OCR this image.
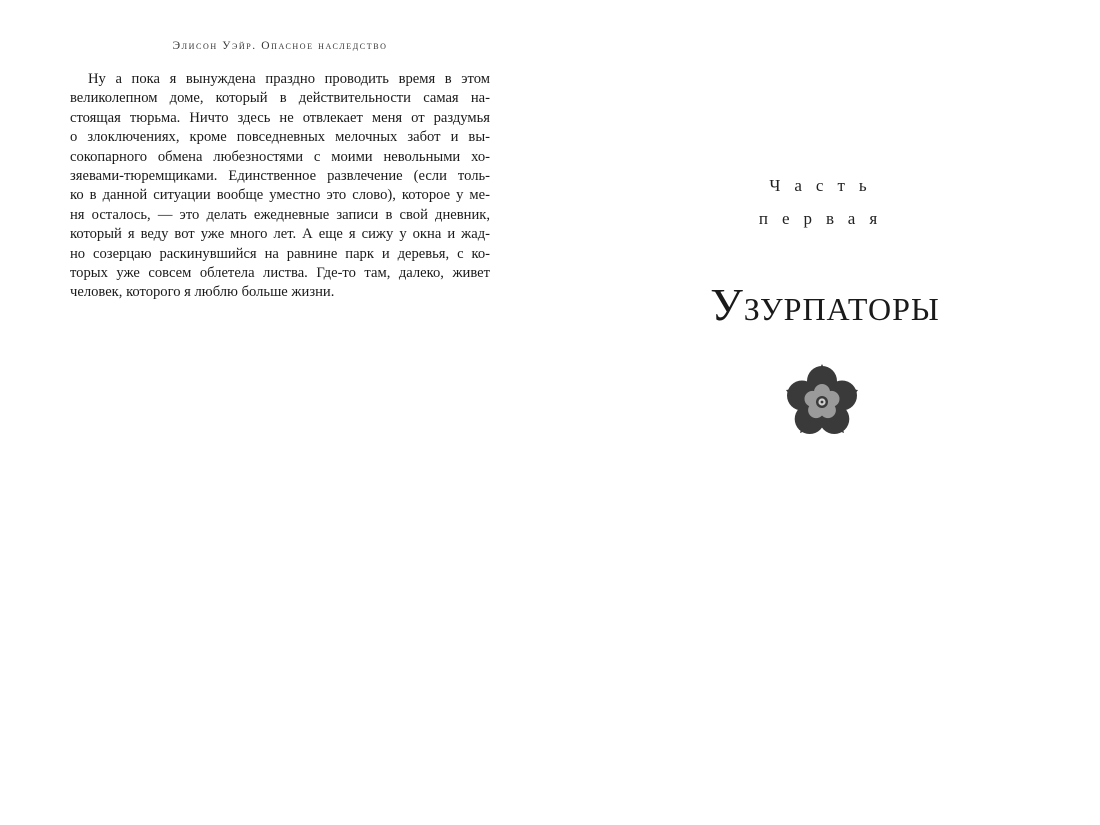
Элисон Уэйр. Опасное наследство
Ну а пока я вынуждена праздно проводить время в этом
великолепном доме, который в действительности самая на-
стоящая тюрьма. Ничто здесь не отвлекает меня от раздумья
о злоключениях, кроме повседневных мелочных забот и вы-
сокопарного обмена любезностями с моими невольными хо-
зяевами-тюремщиками. Единственное развлечение (если толь-
ко в данной ситуации вообще уместно это слово), которое у ме-
ня осталось, — это делать ежедневные записи в свой дневник,
который я веду вот уже много лет. А еще я сижу у окна и жад-
но созерцаю раскинувшийся на равнине парк и деревья, с ко-
торых уже совсем облетела листва. Где-то там, далеко, живет
человек, которого я люблю больше жизни.
Часть
первая
Узурпаторы
